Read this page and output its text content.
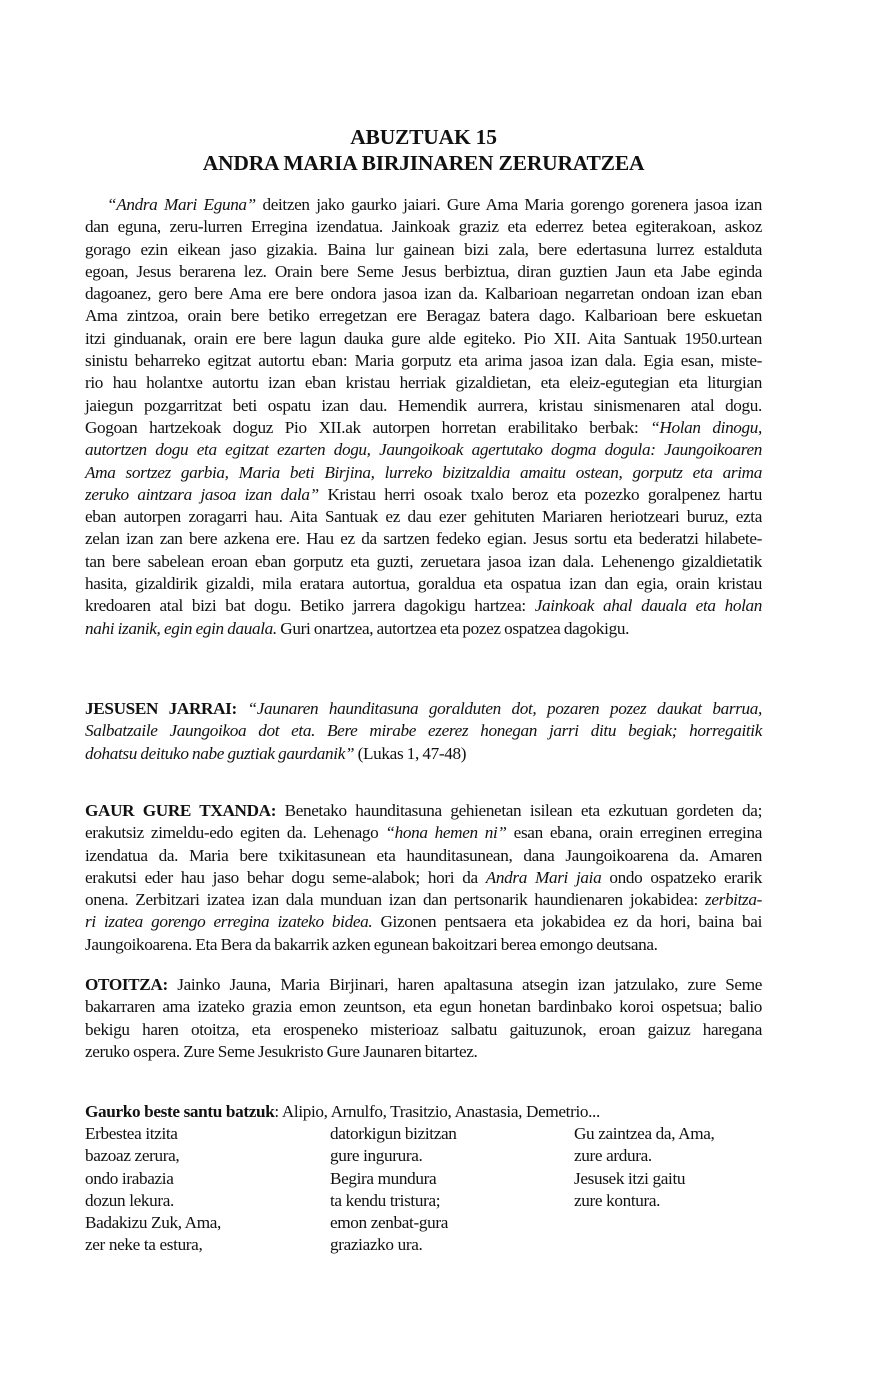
ABUZTUAK 15
ANDRA MARIA BIRJINAREN ZERURATZEA
“Andra Mari Eguna” deitzen jako gaurko jaiari. Gure Ama Maria gorengo gorenera jasoa izan
dan eguna, zeru-lurren Erregina izendatua. Jainkoak graziz eta ederrez betea egiterakoan, askoz
gorago ezin eikean jaso gizakia. Baina lur gainean bizi zala, bere edertasuna lurrez estalduta
egoan, Jesus berarena lez. Orain bere Seme Jesus berbiztua, diran guztien Jaun eta Jabe eginda
dagoanez, gero bere Ama ere bere ondora jasoa izan da. Kalbarioan negarretan ondoan izan eban
Ama zintzoa, orain bere betiko erregetzan ere Beragaz batera dago. Kalbarioan bere eskuetan
itzi ginduanak, orain ere bere lagun dauka gure alde egiteko. Pio XII. Aita Santuak 1950.urtean
sinistu beharreko egitzat autortu eban: Maria gorputz eta arima jasoa izan dala. Egia esan, miste-
rio hau holantxe autortu izan eban kristau herriak gizaldietan, eta eleiz-egutegian eta liturgian
jaiegun pozgarritzat beti ospatu izan dau. Hemendik aurrera, kristau sinismenaren atal dogu.
Gogoan hartzekoak doguz Pio XII.ak autorpen horretan erabilitako berbak: “Holan dinogu,
autortzen dogu eta egitzat ezarten dogu, Jaungoikoak agertutako dogma dogula: Jaungoikoaren
Ama sortzez garbia, Maria beti Birjina, lurreko bizitzaldia amaitu ostean, gorputz eta arima
zeruko aintzara jasoa izan dala” Kristau herri osoak txalo beroz eta pozezko goralpenez hartu
eban autorpen zoragarri hau. Aita Santuak ez dau ezer gehituten Mariaren heriotzeari buruz, ezta
zelan izan zan bere azkena ere. Hau ez da sartzen fedeko egian. Jesus sortu eta bederatzi hilabete-
tan bere sabelean eroan eban gorputz eta guzti, zeruetara jasoa izan dala. Lehenengo gizaldietatik
hasita, gizaldirik gizaldi, mila eratara autortua, goraldua eta ospatua izan dan egia, orain kristau
kredoaren atal bizi bat dogu. Betiko jarrera dagokigu hartzea: Jainkoak ahal dauala eta holan
nahi izanik, egin egin dauala. Guri onartzea, autortzea eta pozez ospatzea dagokigu.
JESUSEN JARRAI: “Jaunaren haunditasuna goralduten dot, pozaren pozez daukat barrua,
Salbatzaile Jaungoikoa dot eta. Bere mirabe ezerez honegan jarri ditu begiak; horregaitik
dohatsu deituko nabe guztiak gaurdanik” (Lukas 1, 47-48)
GAUR GURE TXANDA: Benetako haunditasuna gehienetan isilean eta ezkutuan gordeten da;
erakutsiz zimeldu-edo egiten da. Lehenago “hona hemen ni” esan ebana, orain erreginen erregina
izendatua da. Maria bere txikitasunean eta haunditasunean, dana Jaungoikoarena da. Amaren
erakutsi eder hau jaso behar dogu seme-alabok; hori da Andra Mari jaia ondo ospatzeko erarik
onena. Zerbitzari izatea izan dala munduan izan dan pertsonarik haundienaren jokabidea: zerbitza-
ri izatea gorengo erregina izateko bidea. Gizonen pentsaera eta jokabidea ez da hori, baina bai
Jaungoikoarena. Eta Bera da bakarrik azken egunean bakoitzari berea emongo deutsana.
OTOITZA: Jainko Jauna, Maria Birjinari, haren apaltasuna atsegin izan jatzulako, zure Seme
bakarraren ama izateko grazia emon zeuntson, eta egun honetan bardinbako koroi ospetsua; balio
bekigu haren otoitza, eta erospeneko misterioaz salbatu gaituzunok, eroan gaizuz haregana
zeruko ospera. Zure Seme Jesukristo Gure Jaunaren bitartez.
Gaurko beste santu batzuk: Alipio, Arnulfo, Trasitzio, Anastasia, Demetrio...
Erbestea itzita
bazoaz zerura,
ondo irabazia
dozun lekura.
Badakizu Zuk, Ama,
zer neke ta estura,
datorkigun bizitzan
gure ingurura.
Begira mundura
ta kendu tristura;
emon zenbat-gura
graziazko ura.
Gu zaintzea da, Ama,
zure ardura.
Jesusek itzi gaitu
zure kontura.
